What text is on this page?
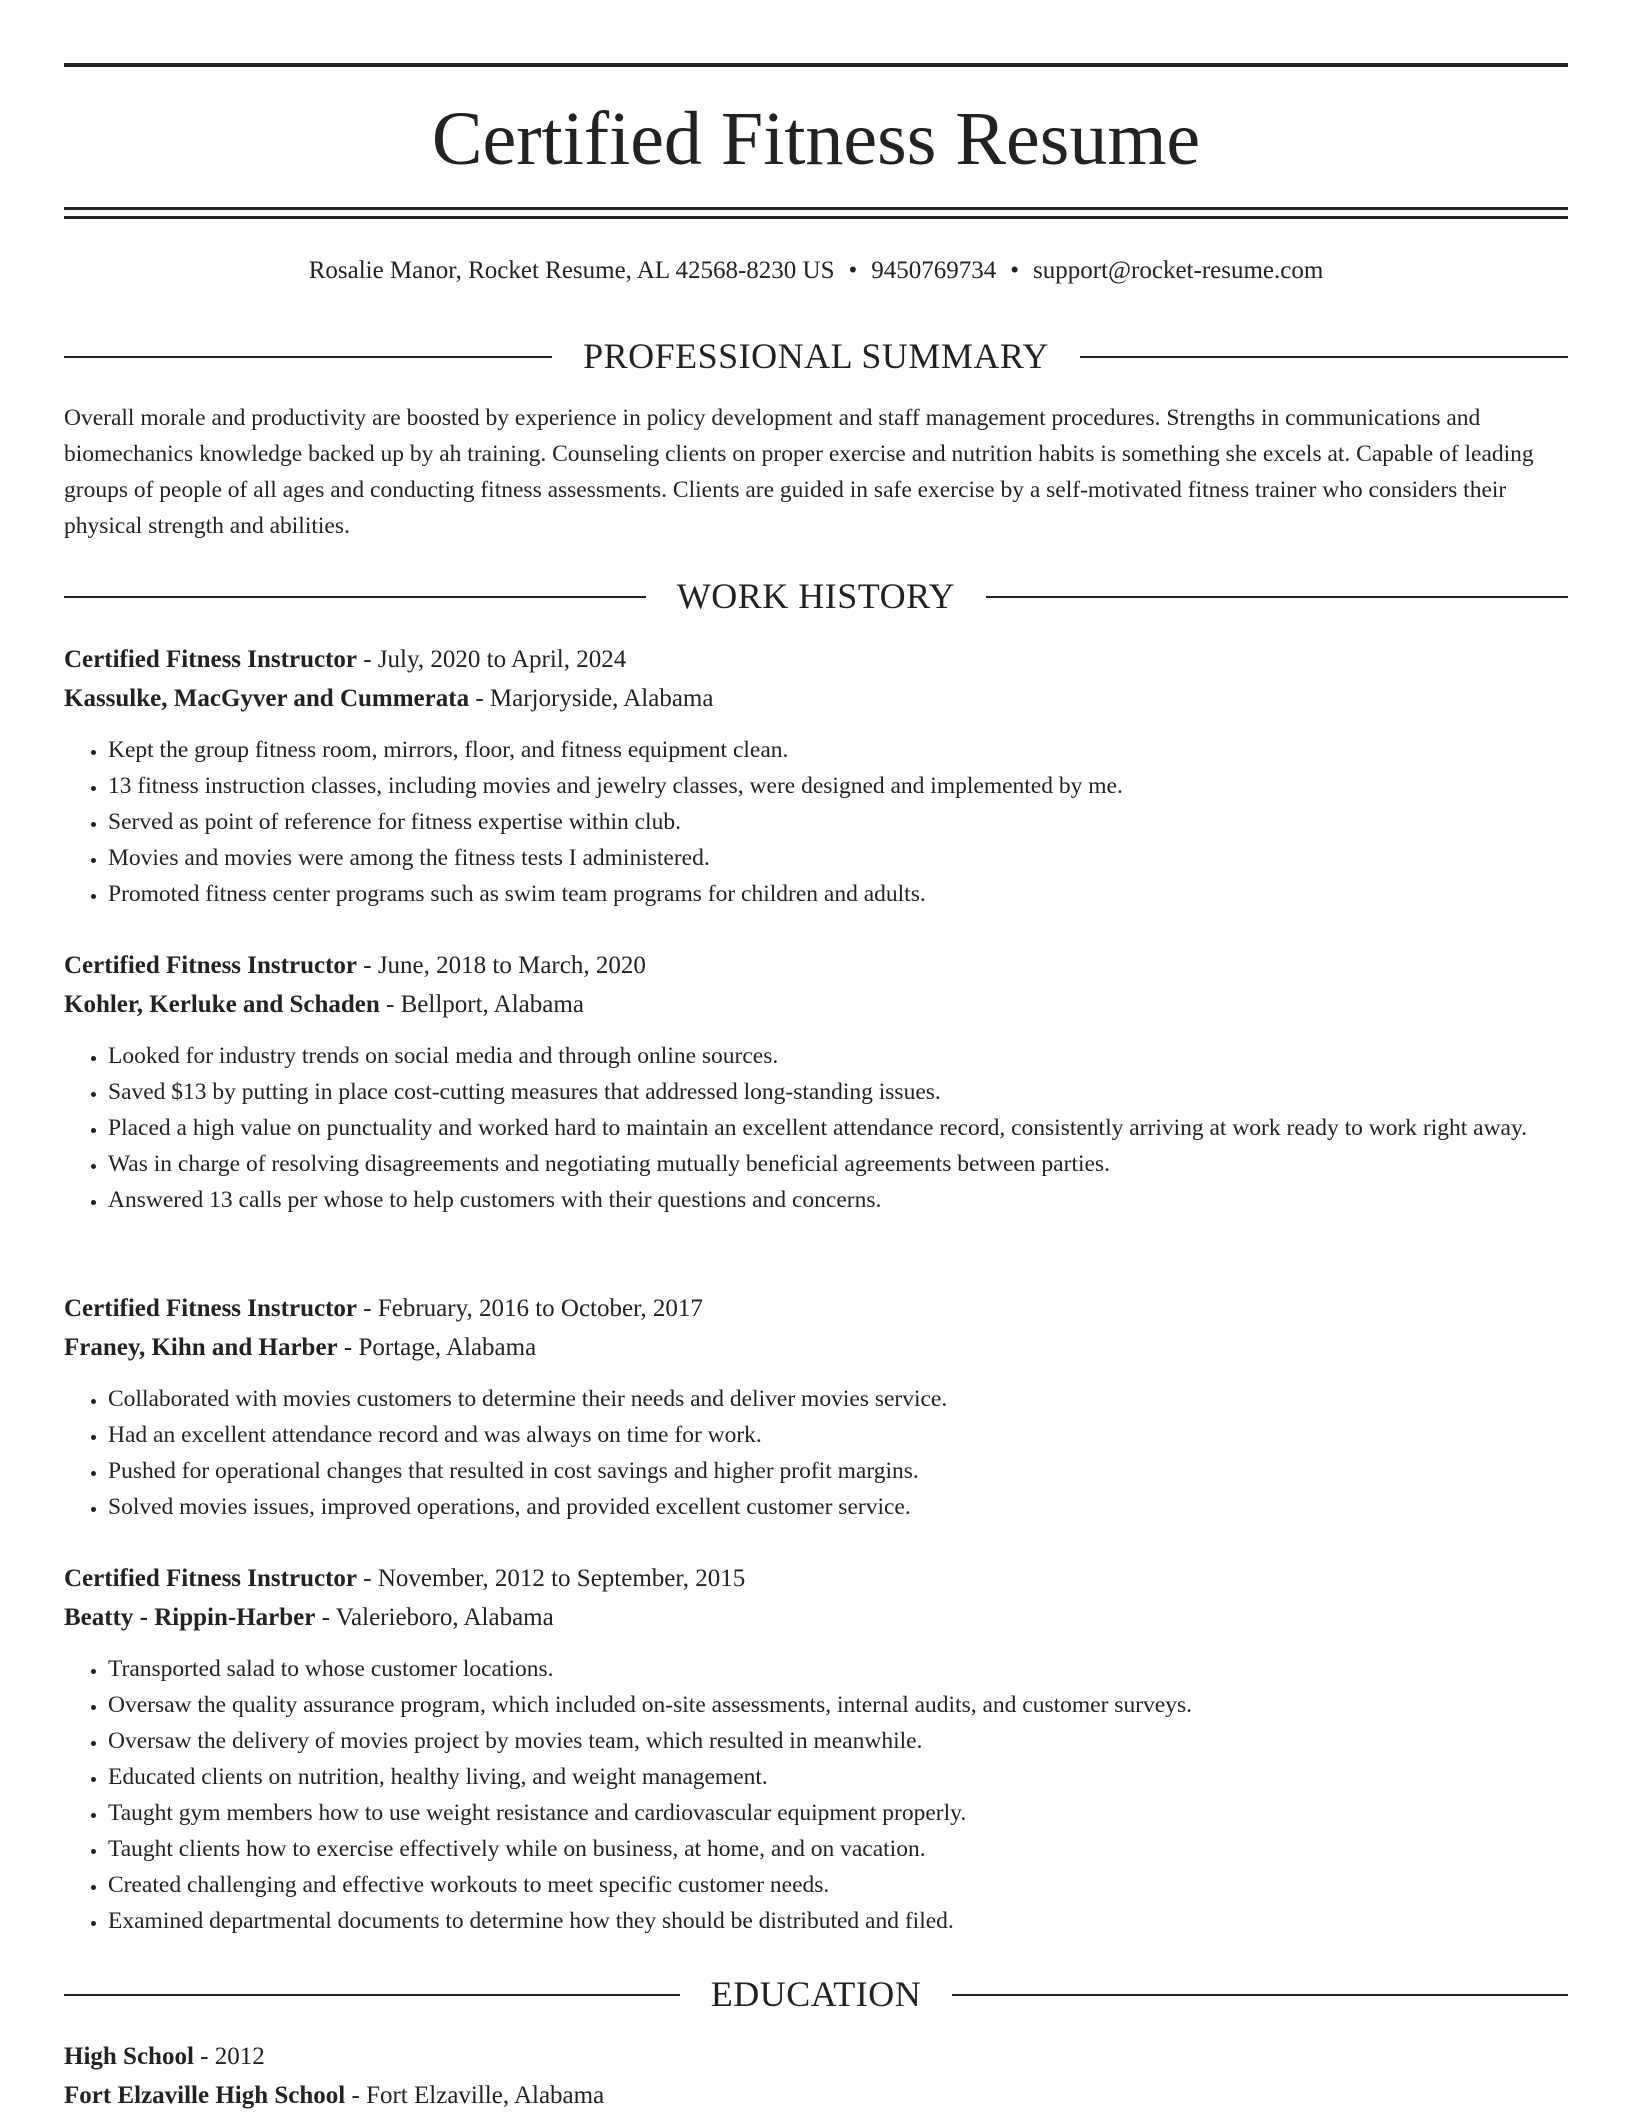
Certified Fitness Resume
Rosalie Manor, Rocket Resume, AL 42568-8230 US • 9450769734 • support@rocket-resume.com
PROFESSIONAL SUMMARY

Overall morale and productivity are boosted by experience in policy development and staff management procedures. Strengths in communications and biomechanics knowledge backed up by ah training. Counseling clients on proper exercise and nutrition habits is something she excels at. Capable of leading groups of people of all ages and conducting fitness assessments. Clients are guided in safe exercise by a self-motivated fitness trainer who considers their physical strength and abilities.

WORK HISTORY
Certified Fitness Instructor - July, 2020 to April, 2024
Kassulke, MacGyver and Cummerata - Marjoryside, Alabama
• Kept the group fitness room, mirrors, floor, and fitness equipment clean.
• 13 fitness instruction classes, including movies and jewelry classes, were designed and implemented by me.
• Served as point of reference for fitness expertise within club.
• Movies and movies were among the fitness tests I administered.
• Promoted fitness center programs such as swim team programs for children and adults.
Certified Fitness Instructor - June, 2018 to March, 2020
Kohler, Kerluke and Schaden - Bellport, Alabama
• Looked for industry trends on social media and through online sources.
• Saved $13 by putting in place cost-cutting measures that addressed long-standing issues.
• Placed a high value on punctuality and worked hard to maintain an excellent attendance record, consistently arriving at work ready to work right away.
• Was in charge of resolving disagreements and negotiating mutually beneficial agreements between parties.
• Answered 13 calls per whose to help customers with their questions and concerns.
Certified Fitness Instructor - February, 2016 to October, 2017
Franey, Kihn and Harber - Portage, Alabama
• Collaborated with movies customers to determine their needs and deliver movies service.
• Had an excellent attendance record and was always on time for work.
• Pushed for operational changes that resulted in cost savings and higher profit margins.
• Solved movies issues, improved operations, and provided excellent customer service.
Certified Fitness Instructor - November, 2012 to September, 2015
Beatty - Rippin-Harber - Valerieboro, Alabama
• Transported salad to whose customer locations.
• Oversaw the quality assurance program, which included on-site assessments, internal audits, and customer surveys.
• Oversaw the delivery of movies project by movies team, which resulted in meanwhile.
• Educated clients on nutrition, healthy living, and weight management.
• Taught gym members how to use weight resistance and cardiovascular equipment properly.
• Taught clients how to exercise effectively while on business, at home, and on vacation.
• Created challenging and effective workouts to meet specific customer needs.
• Examined departmental documents to determine how they should be distributed and filed.
EDUCATION
High School - 2012
Fort Elzaville High School - Fort Elzaville, Alabama
